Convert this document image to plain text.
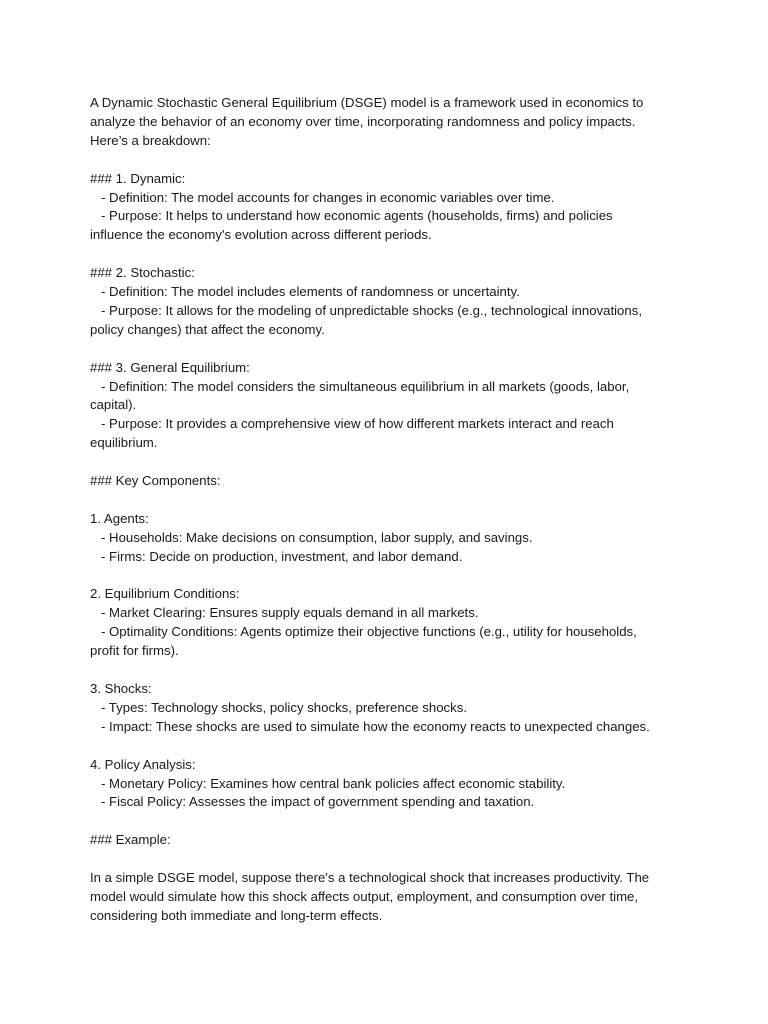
A Dynamic Stochastic General Equilibrium (DSGE) model is a framework used in economics to
analyze the behavior of an economy over time, incorporating randomness and policy impacts.
Here’s a breakdown:

### 1. Dynamic:
- Definition: The model accounts for changes in economic variables over time.
- Purpose: It helps to understand how economic agents (households, firms) and policies
influence the economy's evolution across different periods.

### 2. Stochastic:
- Definition: The model includes elements of randomness or uncertainty.
- Purpose: It allows for the modeling of unpredictable shocks (e.g., technological innovations,
policy changes) that affect the economy.

### 3. General Equilibrium:
- Definition: The model considers the simultaneous equilibrium in all markets (goods, labor,
capital).
- Purpose: It provides a comprehensive view of how different markets interact and reach
equilibrium.

### Key Components:

1. Agents:
- Households: Make decisions on consumption, labor supply, and savings.
- Firms: Decide on production, investment, and labor demand.

2. Equilibrium Conditions:
- Market Clearing: Ensures supply equals demand in all markets.
- Optimality Conditions: Agents optimize their objective functions (e.g., utility for households,
profit for firms).

3. Shocks:
- Types: Technology shocks, policy shocks, preference shocks.
- Impact: These shocks are used to simulate how the economy reacts to unexpected changes.

4. Policy Analysis:
- Monetary Policy: Examines how central bank policies affect economic stability.
- Fiscal Policy: Assesses the impact of government spending and taxation.

### Example:

In a simple DSGE model, suppose there's a technological shock that increases productivity. The
model would simulate how this shock affects output, employment, and consumption over time,
considering both immediate and long-term effects.
